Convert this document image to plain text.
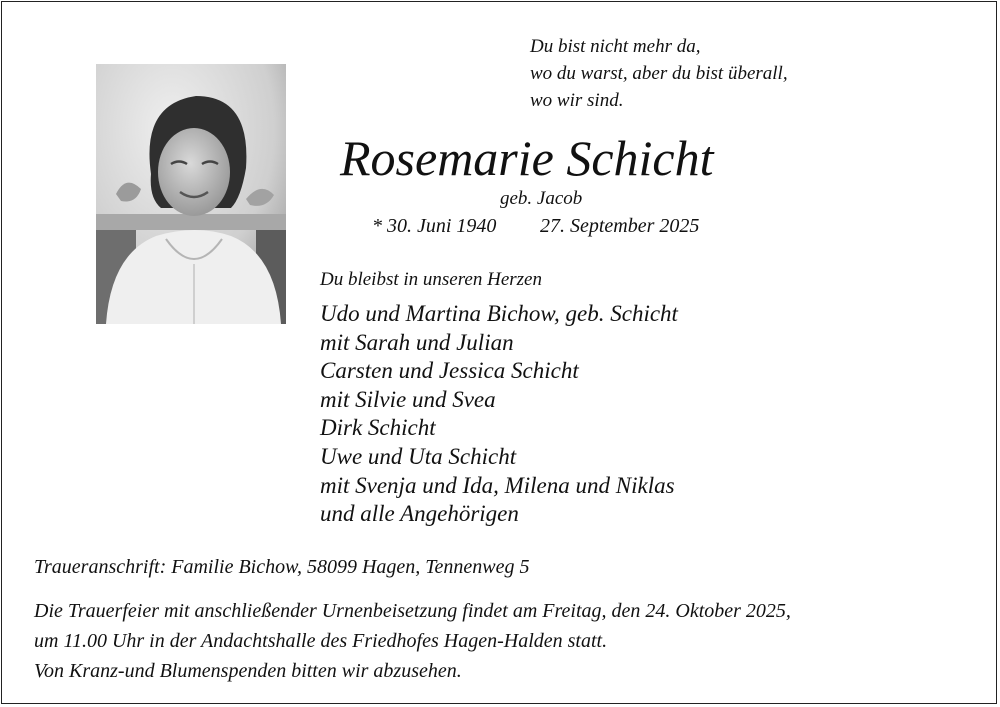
Du bist nicht mehr da,
wo du warst, aber du bist überall,
wo wir sind.
Rosemarie Schicht
geb. Jacob
* 30. Juni 1940 27. September 2025
Du bleibst in unseren Herzen
Udo und Martina Bichow, geb. Schicht
mit Sarah und Julian
Carsten und Jessica Schicht
mit Silvie und Svea
Dirk Schicht
Uwe und Uta Schicht
mit Svenja und Ida, Milena und Niklas
und alle Angehörigen
Traueranschrift: Familie Bichow, 58099 Hagen, Tennenweg 5
Die Trauerfeier mit anschließender Urnenbeisetzung findet am Freitag, den 24. Oktober 2025,
um 11.00 Uhr in der Andachtshalle des Friedhofes Hagen-Halden statt.
Von Kranz-und Blumenspenden bitten wir abzusehen.
